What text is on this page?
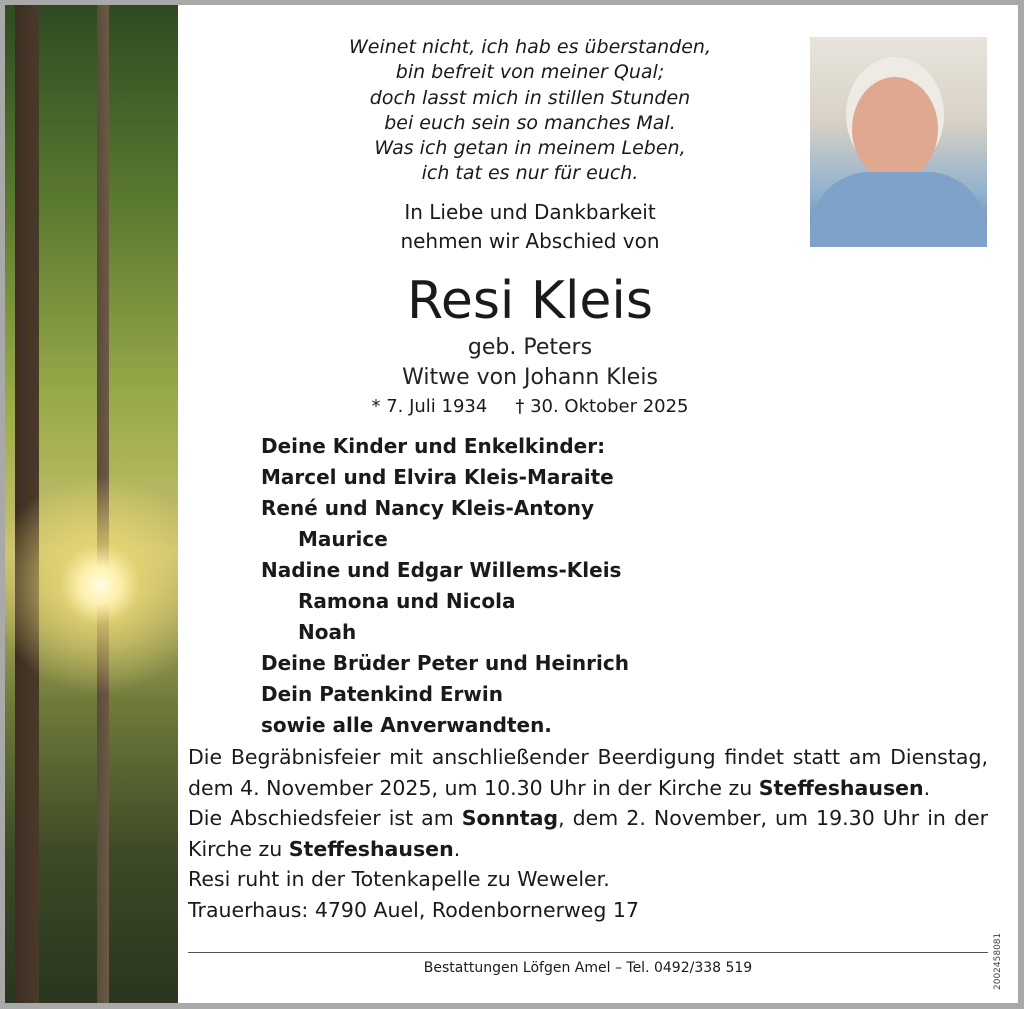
Weinet nicht, ich hab es überstanden,
bin befreit von meiner Qual;
doch lasst mich in stillen Stunden
bei euch sein so manches Mal.
Was ich getan in meinem Leben,
ich tat es nur für euch.
In Liebe und Dankbarkeit
nehmen wir Abschied von
Resi Kleis
geb. Peters
Witwe von Johann Kleis
* 7. Juli 1934 † 30. Oktober 2025
Deine Kinder und Enkelkinder:
Marcel und Elvira Kleis-Maraite
René und Nancy Kleis-Antony
Maurice
Nadine und Edgar Willems-Kleis
Ramona und Nicola
Noah
Deine Brüder Peter und Heinrich
Dein Patenkind Erwin
sowie alle Anverwandten.

Die Begräbnisfeier mit anschließender Beerdigung findet statt am Dienstag, dem 4. November 2025, um 10.30 Uhr in der Kirche zu Steffeshausen.

Die Abschiedsfeier ist am Sonntag, dem 2. November, um 19.30 Uhr in der Kirche zu Steffeshausen.

Resi ruht in der Totenkapelle zu Weweler.

Trauerhaus: 4790 Auel, Rodenbornerweg 17

Bestattungen Löfgen Amel – Tel. 0492/338 519	2002458081
